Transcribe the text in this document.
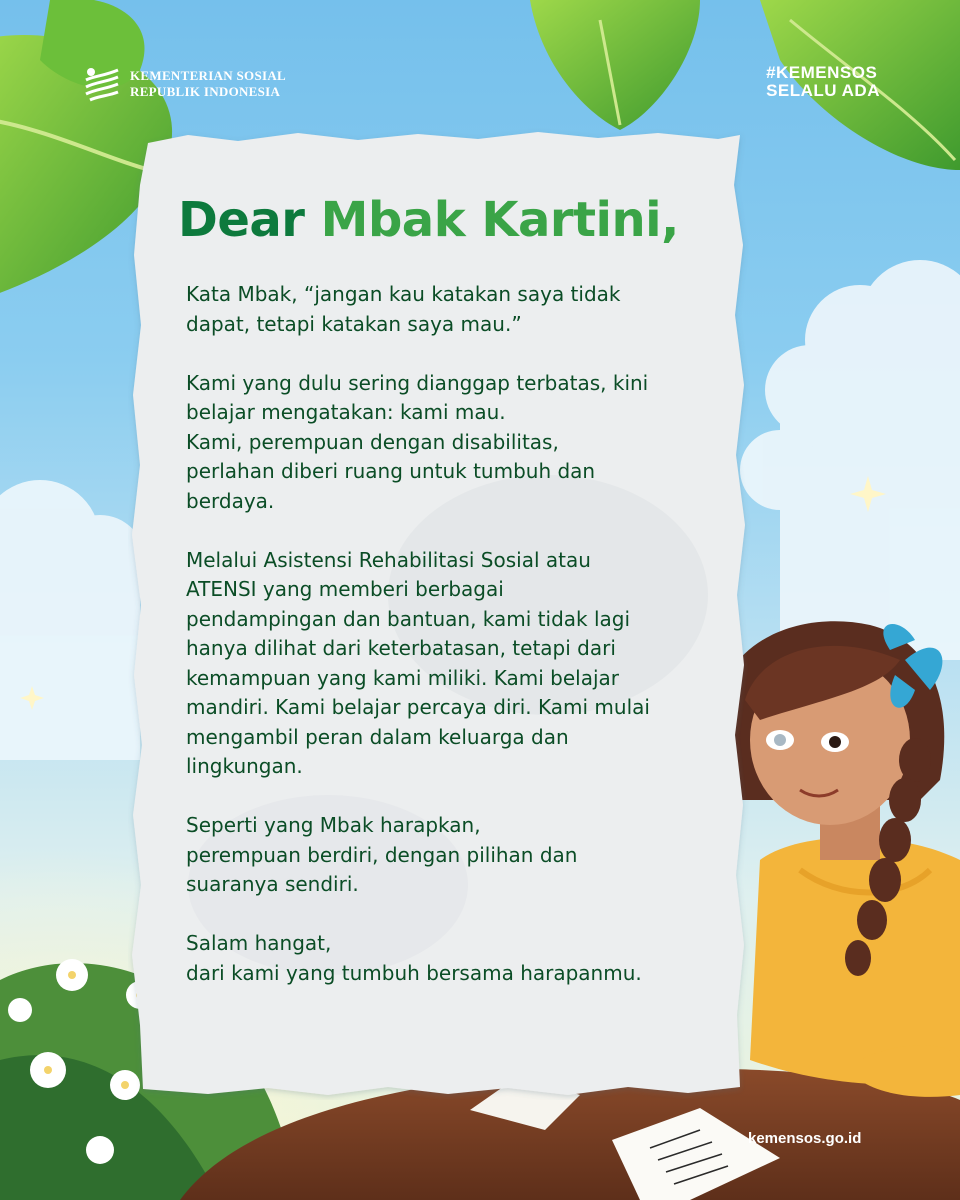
KEMENTERIAN SOSIAL
REPUBLIK INDONESIA
#KEMENSOS
SELALU ADA
Dear Mbak Kartini,

Kata Mbak, “jangan kau katakan saya tidak
dapat, tetapi katakan saya mau.”

Kami yang dulu sering dianggap terbatas, kini
belajar mengatakan: kami mau.
Kami, perempuan dengan disabilitas,
perlahan diberi ruang untuk tumbuh dan
berdaya.

Melalui Asistensi Rehabilitasi Sosial atau
ATENSI yang memberi berbagai
pendampingan dan bantuan, kami tidak lagi
hanya dilihat dari keterbatasan, tetapi dari
kemampuan yang kami miliki. Kami belajar
mandiri. Kami belajar percaya diri. Kami mulai
mengambil peran dalam keluarga dan
lingkungan.

Seperti yang Mbak harapkan,
perempuan berdiri, dengan pilihan dan
suaranya sendiri.

Salam hangat,
dari kami yang tumbuh bersama harapanmu.

kemensos.go.id
